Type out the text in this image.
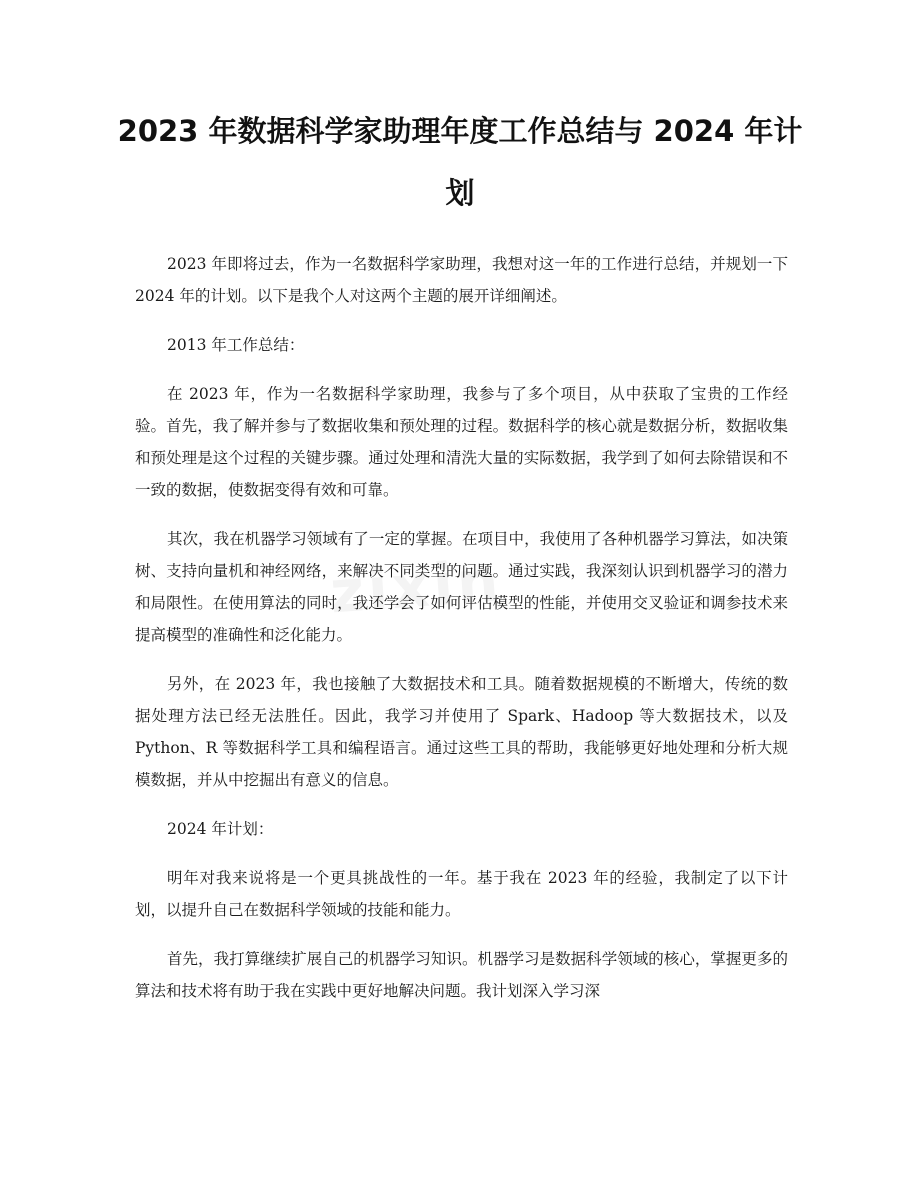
2023 年数据科学家助理年度工作总结与 2024 年计划
zixin

2023 年即将过去，作为一名数据科学家助理，我想对这一年的工作进行总结，并规划一下 2024 年的计划。以下是我个人对这两个主题的展开详细阐述。

2013 年工作总结：

在 2023 年，作为一名数据科学家助理，我参与了多个项目，从中获取了宝贵的工作经验。首先，我了解并参与了数据收集和预处理的过程。数据科学的核心就是数据分析，数据收集和预处理是这个过程的关键步骤。通过处理和清洗大量的实际数据，我学到了如何去除错误和不一致的数据，使数据变得有效和可靠。

其次，我在机器学习领域有了一定的掌握。在项目中，我使用了各种机器学习算法，如决策树、支持向量机和神经网络，来解决不同类型的问题。通过实践，我深刻认识到机器学习的潜力和局限性。在使用算法的同时，我还学会了如何评估模型的性能，并使用交叉验证和调参技术来提高模型的准确性和泛化能力。

另外，在 2023 年，我也接触了大数据技术和工具。随着数据规模的不断增大，传统的数据处理方法已经无法胜任。因此，我学习并使用了 Spark、Hadoop 等大数据技术，以及 Python、R 等数据科学工具和编程语言。通过这些工具的帮助，我能够更好地处理和分析大规模数据，并从中挖掘出有意义的信息。

2024 年计划：

明年对我来说将是一个更具挑战性的一年。基于我在 2023 年的经验，我制定了以下计划，以提升自己在数据科学领域的技能和能力。

首先，我打算继续扩展自己的机器学习知识。机器学习是数据科学领域的核心，掌握更多的算法和技术将有助于我在实践中更好地解决问题。我计划深入学习深
